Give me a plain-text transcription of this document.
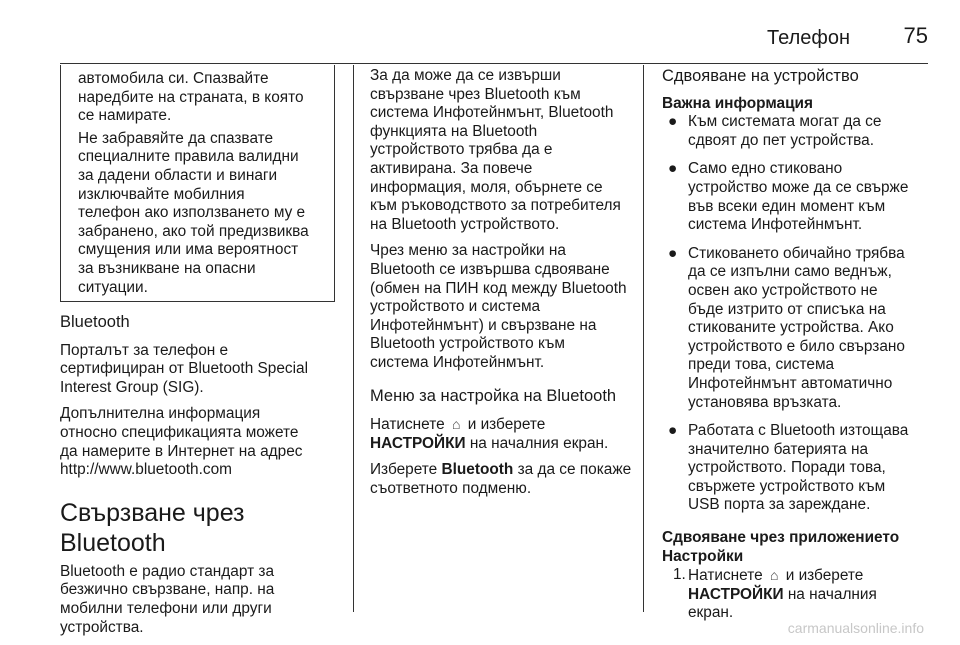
Телефон 75

автомобила си. Спазвайте
наредбите на страната, в която
се намирате.

Не забравяйте да спазвате
специалните правила валидни
за дадени области и винаги
изключвайте мобилния
телефон ако използването му е
забранено, ако той предизвиква
смущения или има вероятност
за възникване на опасни
ситуации.

Bluetooth

Порталът за телефон е
сертифициран от Bluetooth Special
Interest Group (SIG).

Допълнителна информация
относно спецификацията можете
да намерите в Интернет на адрес
http://www.bluetooth.com

Свързване чрез Bluetooth

Bluetooth е радио стандарт за
безжично свързване, напр. на
мобилни телефони или други
устройства.

За да може да се извърши
свързване чрез Bluetooth към
система Инфотейнмънт, Bluetooth
функцията на Bluetooth
устройството трябва да е
активирана. За повече
информация, моля, обърнете се
към ръководството за потребителя
на Bluetooth устройството.

Чрез меню за настройки на
Bluetooth се извършва сдвояване
(обмен на ПИН код между Bluetooth
устройството и система
Инфотейнмънт) и свързване на
Bluetooth устройството към
система Инфотейнмънт.

Меню за настройка на Bluetooth

Натиснете ⌂ и изберете
НАСТРОЙКИ на началния екран.

Изберете Bluetooth за да се покаже
съответното подменю.

Сдвояване на устройство
Важна информация
● Към системата могат да се
сдвоят до пет устройства.
● Само едно стиковано
устройство може да се свърже
във всеки един момент към
система Инфотейнмънт.
● Стиковането обичайно трябва
да се изпълни само веднъж,
освен ако устройството не
бъде изтрито от списъка на
стикованите устройства. Ако
устройството е било свързано
преди това, система
Инфотейнмънт автоматично
установява връзката.
● Работата с Bluetooth изтощава
значително батерията на
устройството. Поради това,
свържете устройството към
USB порта за зареждане.
Сдвояване чрез приложението
Настройки
1. Натиснете ⌂ и изберете
НАСТРОЙКИ на началния
екран.
carmanualsonline.info
